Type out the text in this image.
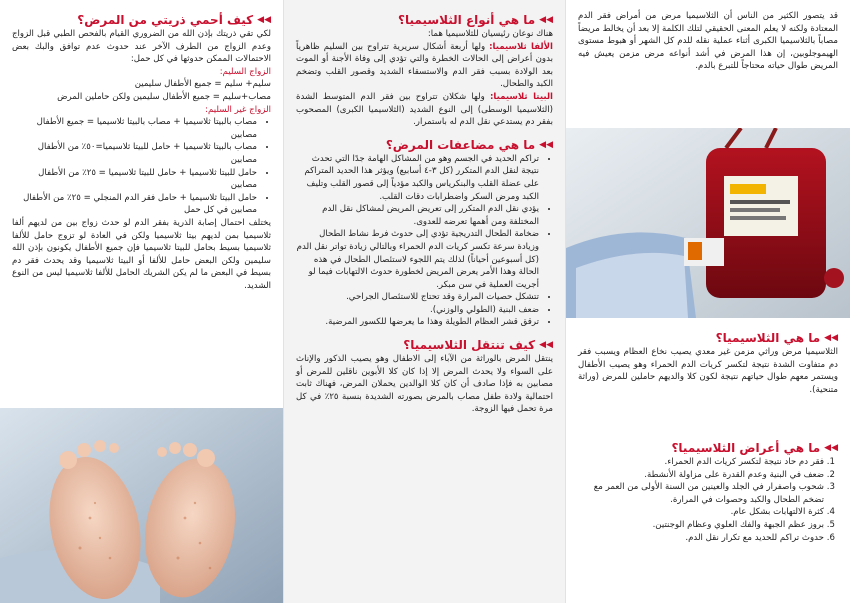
قد يتصور الكثير من الناس أن الثلاسيميا مرض من أمراض فقر الدم المعتادة ولكنه لا يعلم المعنى الحقيقي لتلك الكلمة إلا بعد أن يخالط مريضاً مصاباً بالثلاسيميا الكبرى أثناء عملية نقله للدم كل الشهر أو هبوط مستوى الهيموجلوبين، إن هذا المرض في أشد أنواعه مرض مزمن يعيش فيه المريض طوال حياته محتاجاً للتبرع بالدم.

◀◀
ما هي الثلاسيميا؟

الثلاسيميا مرض وراثي مزمن غير معدي يصيب نخاع العظام ويسبب فقر دم متفاوت الشدة نتيجة لتكسر كريات الدم الحمراء وهو يصيب الأطفال ويستمر معهم طوال حياتهم نتيجة لكون كلا والديهم حاملين للمرض (وراثة متنحية).

◀◀
ما هي أعراض الثلاسيميا؟
1. فقر دم حاد نتيجة لتكسر كريات الدم الحمراء.
2. ضعف في البنية وعدم القدرة على مزاولة الأنشطة.
3. شحوب واصفرار في الجلد والعينين من السنة الأولى من العمر مع تضخم الطحال والكبد وحصوات في المرارة.
4. كثرة الالتهابات بشكل عام.
5. بروز عظم الجبهة والفك العلوي وعظام الوجنتين.
6. حدوث تراكم للحديد مع تكرار نقل الدم.
◀◀
ما هي أنواع الثلاسيميا؟

هناك نوعان رئيسيان للثلاسيميا هما:

الألفا ثلاسيميا: ولها أربعة أشكال سريرية تتراوح بين السليم ظاهرياً بدون أعراض إلى الحالات الخطرة والتي تؤدي إلى وفاة الأجنة أو الموت بعد الولادة بسبب فقر الدم والاستسقاء الشديد وقصور القلب وتضخم الكبد والطحال.

البيتا ثلاسيميا: ولها شكلان تتراوح بين فقر الدم المتوسط الشدة (الثلاسيميا الوسطى) إلى النوع الشديد (الثلاسيميا الكبرى) المصحوب بفقر دم يستدعي نقل الدم له باستمرار.

◀◀
ما هي مضاعفات المرض؟
• تراكم الحديد في الجسم وهو من المشاكل الهامة جدًا التي تحدث نتيجة لنقل الدم المتكرر (كل ٣-٤ أسابيع) ويؤثر هذا الحديد المتراكم على عضلة القلب والبنكرياس والكبد مؤدياً إلى قصور القلب وتليف الكبد ومرض السكر واضطرابات دقات القلب.
• يؤدي نقل الدم المتكرر إلى تعريض المريض لمشاكل نقل الدم المختلفة ومن أهمها تعرضه للعدوى.
• ضخامة الطحال التدريجية تؤدي إلى حدوث فرط نشاط الطحال وزيادة سرعة تكسر كريات الدم الحمراء وبالتالي زيادة تواتر نقل الدم (كل أسبوعين أحياناً) لذلك يتم اللجوء لاستئصال الطحال في هذه الحالة وهذا الأمر يعرض المريض لخطورة حدوث الالتهابات فيما لو أجريت العملية في سن مبكر.
• تتشكل حصيات المرارة وقد تحتاج للاستئصال الجراحي.
• ضعف البنية (الطولي والوزني).
• ترقق قشر العظام الطويلة وهذا ما يعرضها للكسور المرضية.
◀◀
كيف تنتقل الثلاسيميا؟

ينتقل المرض بالوراثة من الآباء إلى الاطفال وهو يصيب الذكور والإناث على السواء ولا يحدث المرض إلا إذا كان كلا الأبوين ناقلين للمرض أو مصابين به فإذا صادف أن كان كلا الوالدين يحملان المرض، فهناك ثابت احتمالية ولادة طفل مصاب بالمرض بصورته الشديدة بنسبة ٢٥٪ في كل مرة تحمل فيها الزوجة.

◀◀
كيف أحمي ذريتي من المرض؟

لكي تقي ذريتك بإذن الله من الضروري القيام بالفحص الطبي قبل الزواج وعدم الزواج من الطرف الآخر عند حدوث عدم توافق والبك بعض الاحتمالات الممكن حدوثها في كل حمل:

الزواج السليم:

سليم+ سليم = جميع الأطفال سليمين

مصاب+سليم = جميع الأطفال سليمين ولكن حاملين المرض

الزواج غير السليم:

• مصاب بالبيتا ثلاسيميا + مصاب بالبيتا ثلاسيميا = جميع الأطفال مصابين
• مصاب بالبيتا ثلاسيميا + حامل للبيتا ثلاسيميا=٥٠٪ من الأطفال مصابين
• حامل للبيتا ثلاسيميا + حامل للبيتا ثلاسيميا = ٢٥٪ من الأطفال مصابين
• حامل البيتا ثلاسيميا + حامل فقر الدم المنجلي = ٢٥٪ من الأطفال مصابين في كل حمل

يختلف احتمال إصابة الذرية بفقر الدم لو حدث زواج بين من لديهم ألفا ثلاسيميا بمن لديهم بيتا ثلاسيميا ولكن في العادة لو تزوج حامل للألفا ثلاسيميا بسيط بحامل للبيتا ثلاسيميا فإن جميع الأطفال يكونون بإذن الله سليمين ولكن البعض حامل للألفا أو البيتا ثلاسيميا وقد يحدث فقر دم بسيط في البعض ما لم يكن الشريك الحامل للألفا ثلاسيميا ليس من النوع الشديد.
